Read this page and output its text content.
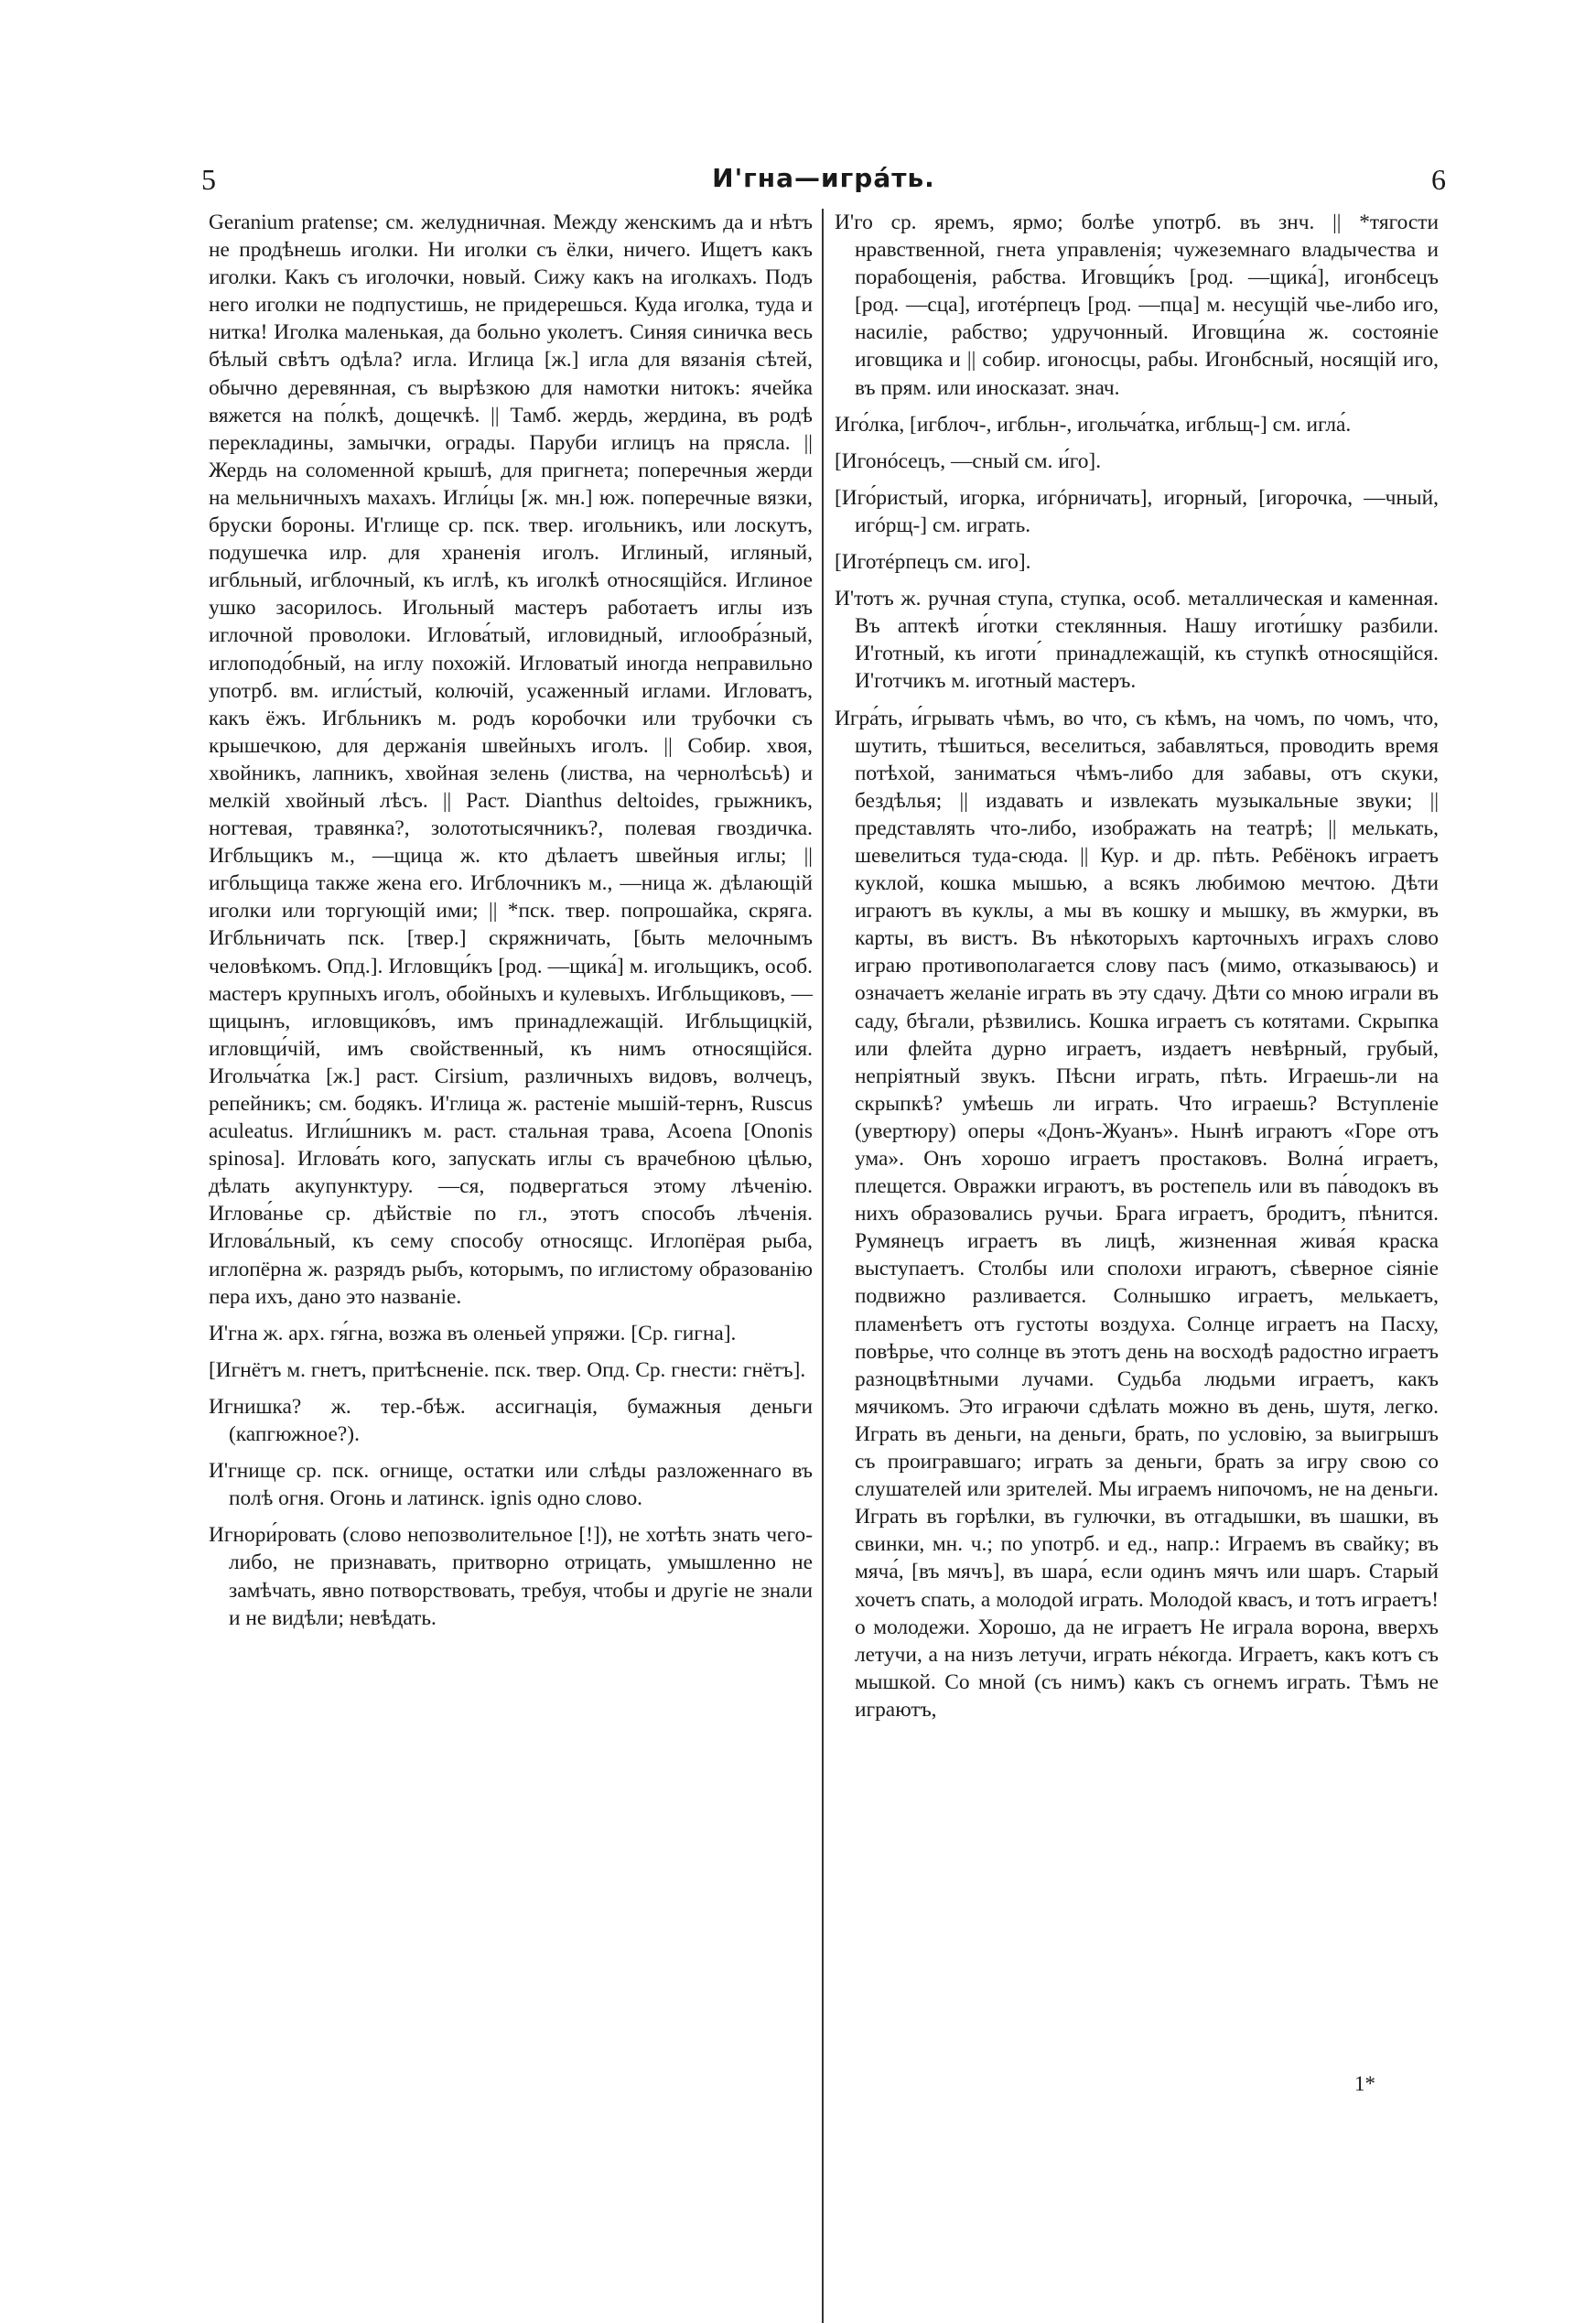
5	И'гна—игра́ть.	6

Geranium pratense; см. желудничная. Между женскимъ да и нѣтъ не продѣнешь иголки. Ни иголки съ ёлки, ничего. Ищетъ какъ иголки. Какъ съ иголочки, новый. Сижу какъ на иголкахъ. Подъ него иголки не подпустишь, не придерешься. Куда иголка, туда и нитка! Иголка маленькая, да больно уколетъ. Синяя синичка весь бѣлый свѣтъ одѣла? игла. Иглица [ж.] игла для вязанія сѣтей, обычно деревянная, съ вырѣзкою для намотки нитокъ: ячейка вяжется на по́лкѣ, дощечкѣ. || Тамб. жердь, жердина, въ родѣ перекладины, замычки, ограды. Паруби иглицъ на прясла. || Жердь на соломенной крышѣ, для пригнета; поперечныя жерди на мельничныхъ махахъ. Игли́цы [ж. мн.] юж. поперечные вязки, бруски бороны. И'глище ср. пск. твер. игольникъ, или лоскутъ, подушечка илр. для храненія иголъ. Иглиный, игляный, игбльный, игблочный, къ иглѣ, къ иголкѣ относящійся. Иглиное ушко засорилось. Игольный мастеръ работаетъ иглы изъ иглочной проволоки. Иглова́тый, игловидный, иглообра́зный, иглоподо́бный, на иглу похожій. Игловатый иногда неправильно употрб. вм. игли́стый, колючій, усаженный иглами. Игловатъ, какъ ёжъ. Игбльникъ м. родъ коробочки или трубочки съ крышечкою, для держанія швейныхъ иголъ. || Собир. хвоя, хвойникъ, лапникъ, хвойная зелень (листва, на чернолѣсьѣ) и мелкій хвойный лѣсъ. || Раст. Dianthus deltoides, грыжникъ, ногтевая, травянка?, золототысячникъ?, полевая гвоздичка. Игбльщикъ м., —щица ж. кто дѣлаетъ швейныя иглы; || игбльщица также жена его. Игблочникъ м., —ница ж. дѣлающій иголки или торгующій ими; || *пск. твер. попрошайка, скряга. Игбльничать пск. [твер.] скряжничать, [быть мелочнымъ человѣкомъ. Опд.]. Игловщи́къ [род. —щика́] м. игольщикъ, особ. мастеръ крупныхъ иголъ, обойныхъ и кулевыхъ. Игбльщиковъ, —щицынъ, игловщико́въ, имъ принадлежащій. Игбльщицкій, игловщи́чій, имъ свойственный, къ нимъ относящійся. Игольча́тка [ж.] раст. Cirsium, различныхъ видовъ, волчецъ, репейникъ; см. бодякъ. И'глица ж. растеніе мышій-тернъ, Ruscus aculeatus. Игли́шникъ м. раст. стальная трава, Acoena [Ononis spinosa]. Иглова́ть кого, запускать иглы съ врачебною цѣлью, дѣлать акупунктуру. —ся, подвергаться этому лѣченію. Иглова́нье ср. дѣйствіе по гл., этотъ способъ лѣченія. Иглова́льный, къ сему способу относящс. Иглопёрая рыба, иглопёрна ж. разрядъ рыбъ, которымъ, по иглистому образованію пера ихъ, дано это названіе.

И'гна ж. арх. гя́гна, возжа въ оленьей упряжи. [Ср. гигна].

[Игнётъ м. гнетъ, притѣсненіе. пск. твер. Опд. Ср. гнести: гнётъ].

Игнишка? ж. тер.-бѣж. ассигнація, бумажныя деньги (капгюжное?).

И'гнище ср. пск. огнище, остатки или слѣды разложеннаго въ полѣ огня. Огонь и латинск. ignis одно слово.

Игнори́ровать (слово непозволительное [!]), не хотѣть знать чего-либо, не признавать, притворно отрицать, умышленно не замѣчать, явно потворствовать, требуя, чтобы и другіе не знали и не видѣли; невѣдать.

И'го ср. яремъ, ярмо; болѣе употрб. въ знч. || *тягости нравственной, гнета управленія; чужеземнаго владычества и порабощенія, рабства. Иговщи́къ [род. —щика́], игонбсецъ [род. —сца], иготéрпецъ [род. —пца] м. несущій чье-либо иго, насиліе, рабство; удручонный. Иговщи́на ж. состояніе иговщика и || собир. игоносцы, рабы. Игонбсный, носящій иго, въ прям. или иносказат. знач.

Иго́лка, [игблоч-, игбльн-, игольча́тка, игбльщ-] см. игла́.

[Игонóсецъ, —сный см. и́го].

[Иго́ристый, игорка, игóрничать], игорный, [игорочка, —чный, игóрщ-] см. играть.

[Иготéрпецъ см. иго].

И'тотъ ж. ручная ступа, ступка, особ. металлическая и каменная. Въ аптекѣ и́готки стеклянныя. Нашу иготи́шку разбили. И'готный, къ иготи ́ принадлежащій, къ ступкѣ относящійся. И'готчикъ м. иготный мастеръ.

Игра́ть, и́грывать чѣмъ, во что, съ кѣмъ, на чомъ, по чомъ, что, шутить, тѣшиться, веселиться, забавляться, проводить время потѣхой, заниматься чѣмъ-либо для забавы, отъ скуки, бездѣлья; || издавать и извлекать музыкальные звуки; || представлять что-либо, изображать на театрѣ; || мелькать, шевелиться туда-сюда. || Кур. и др. пѣть. Ребёнокъ играетъ куклой, кошка мышью, а всякъ любимою мечтою. Дѣти играютъ въ куклы, а мы въ кошку и мышку, въ жмурки, въ карты, въ вистъ. Въ нѣкоторыхъ карточныхъ играхъ слово играю противополагается слову пасъ (мимо, отказываюсь) и означаетъ желаніе играть въ эту сдачу. Дѣти со мною играли въ саду, бѣгали, рѣзвились. Кошка играетъ съ котятами. Скрыпка или флейта дурно играетъ, издаетъ невѣрный, грубый, непріятный звукъ. Пѣсни играть, пѣть. Играешь-ли на скрыпкѣ? умѣешь ли играть. Что играешь? Вступленіе (увертюру) оперы «Донъ-Жуанъ». Нынѣ играютъ «Горе отъ ума». Онъ хорошо играетъ простаковъ. Волна́ играетъ, плещется. Овражки играютъ, въ ростепель или въ па́водокъ въ нихъ образовались ручьи. Брага играетъ, бродитъ, пѣнится. Румянецъ играетъ въ лицѣ, жизненная жива́я краска выступаетъ. Столбы или сполохи играютъ, сѣверное сіяніе подвижно разливается. Солнышко играетъ, мелькаетъ, пламенѣетъ отъ густоты воздуха. Солнце играетъ на Пасху, повѣрье, что солнце въ этотъ день на восходѣ радостно играетъ разноцвѣтными лучами. Судьба людьми играетъ, какъ мячикомъ. Это играючи сдѣлать можно въ день, шутя, легко. Играть въ деньги, на деньги, брать, по условію, за выигрышъ съ проигравшаго; играть за деньги, брать за игру свою со слушателей или зрителей. Мы играемъ нипочомъ, не на деньги. Играть въ горѣлки, въ гулючки, въ отгадышки, въ шашки, въ свинки, мн. ч.; по употрб. и ед., напр.: Играемъ въ свайку; въ мяча́, [въ мячъ], въ шара́, если одинъ мячъ или шаръ. Старый хочетъ спать, а молодой играть. Молодой квасъ, и тотъ играетъ! о молодежи. Хорошо, да не играетъ Не играла ворона, вверхъ летучи, а на низъ летучи, играть нéкогда. Играетъ, какъ котъ съ мышкой. Со мной (съ нимъ) какъ съ огнемъ играть. Тѣмъ не играютъ,

1*
